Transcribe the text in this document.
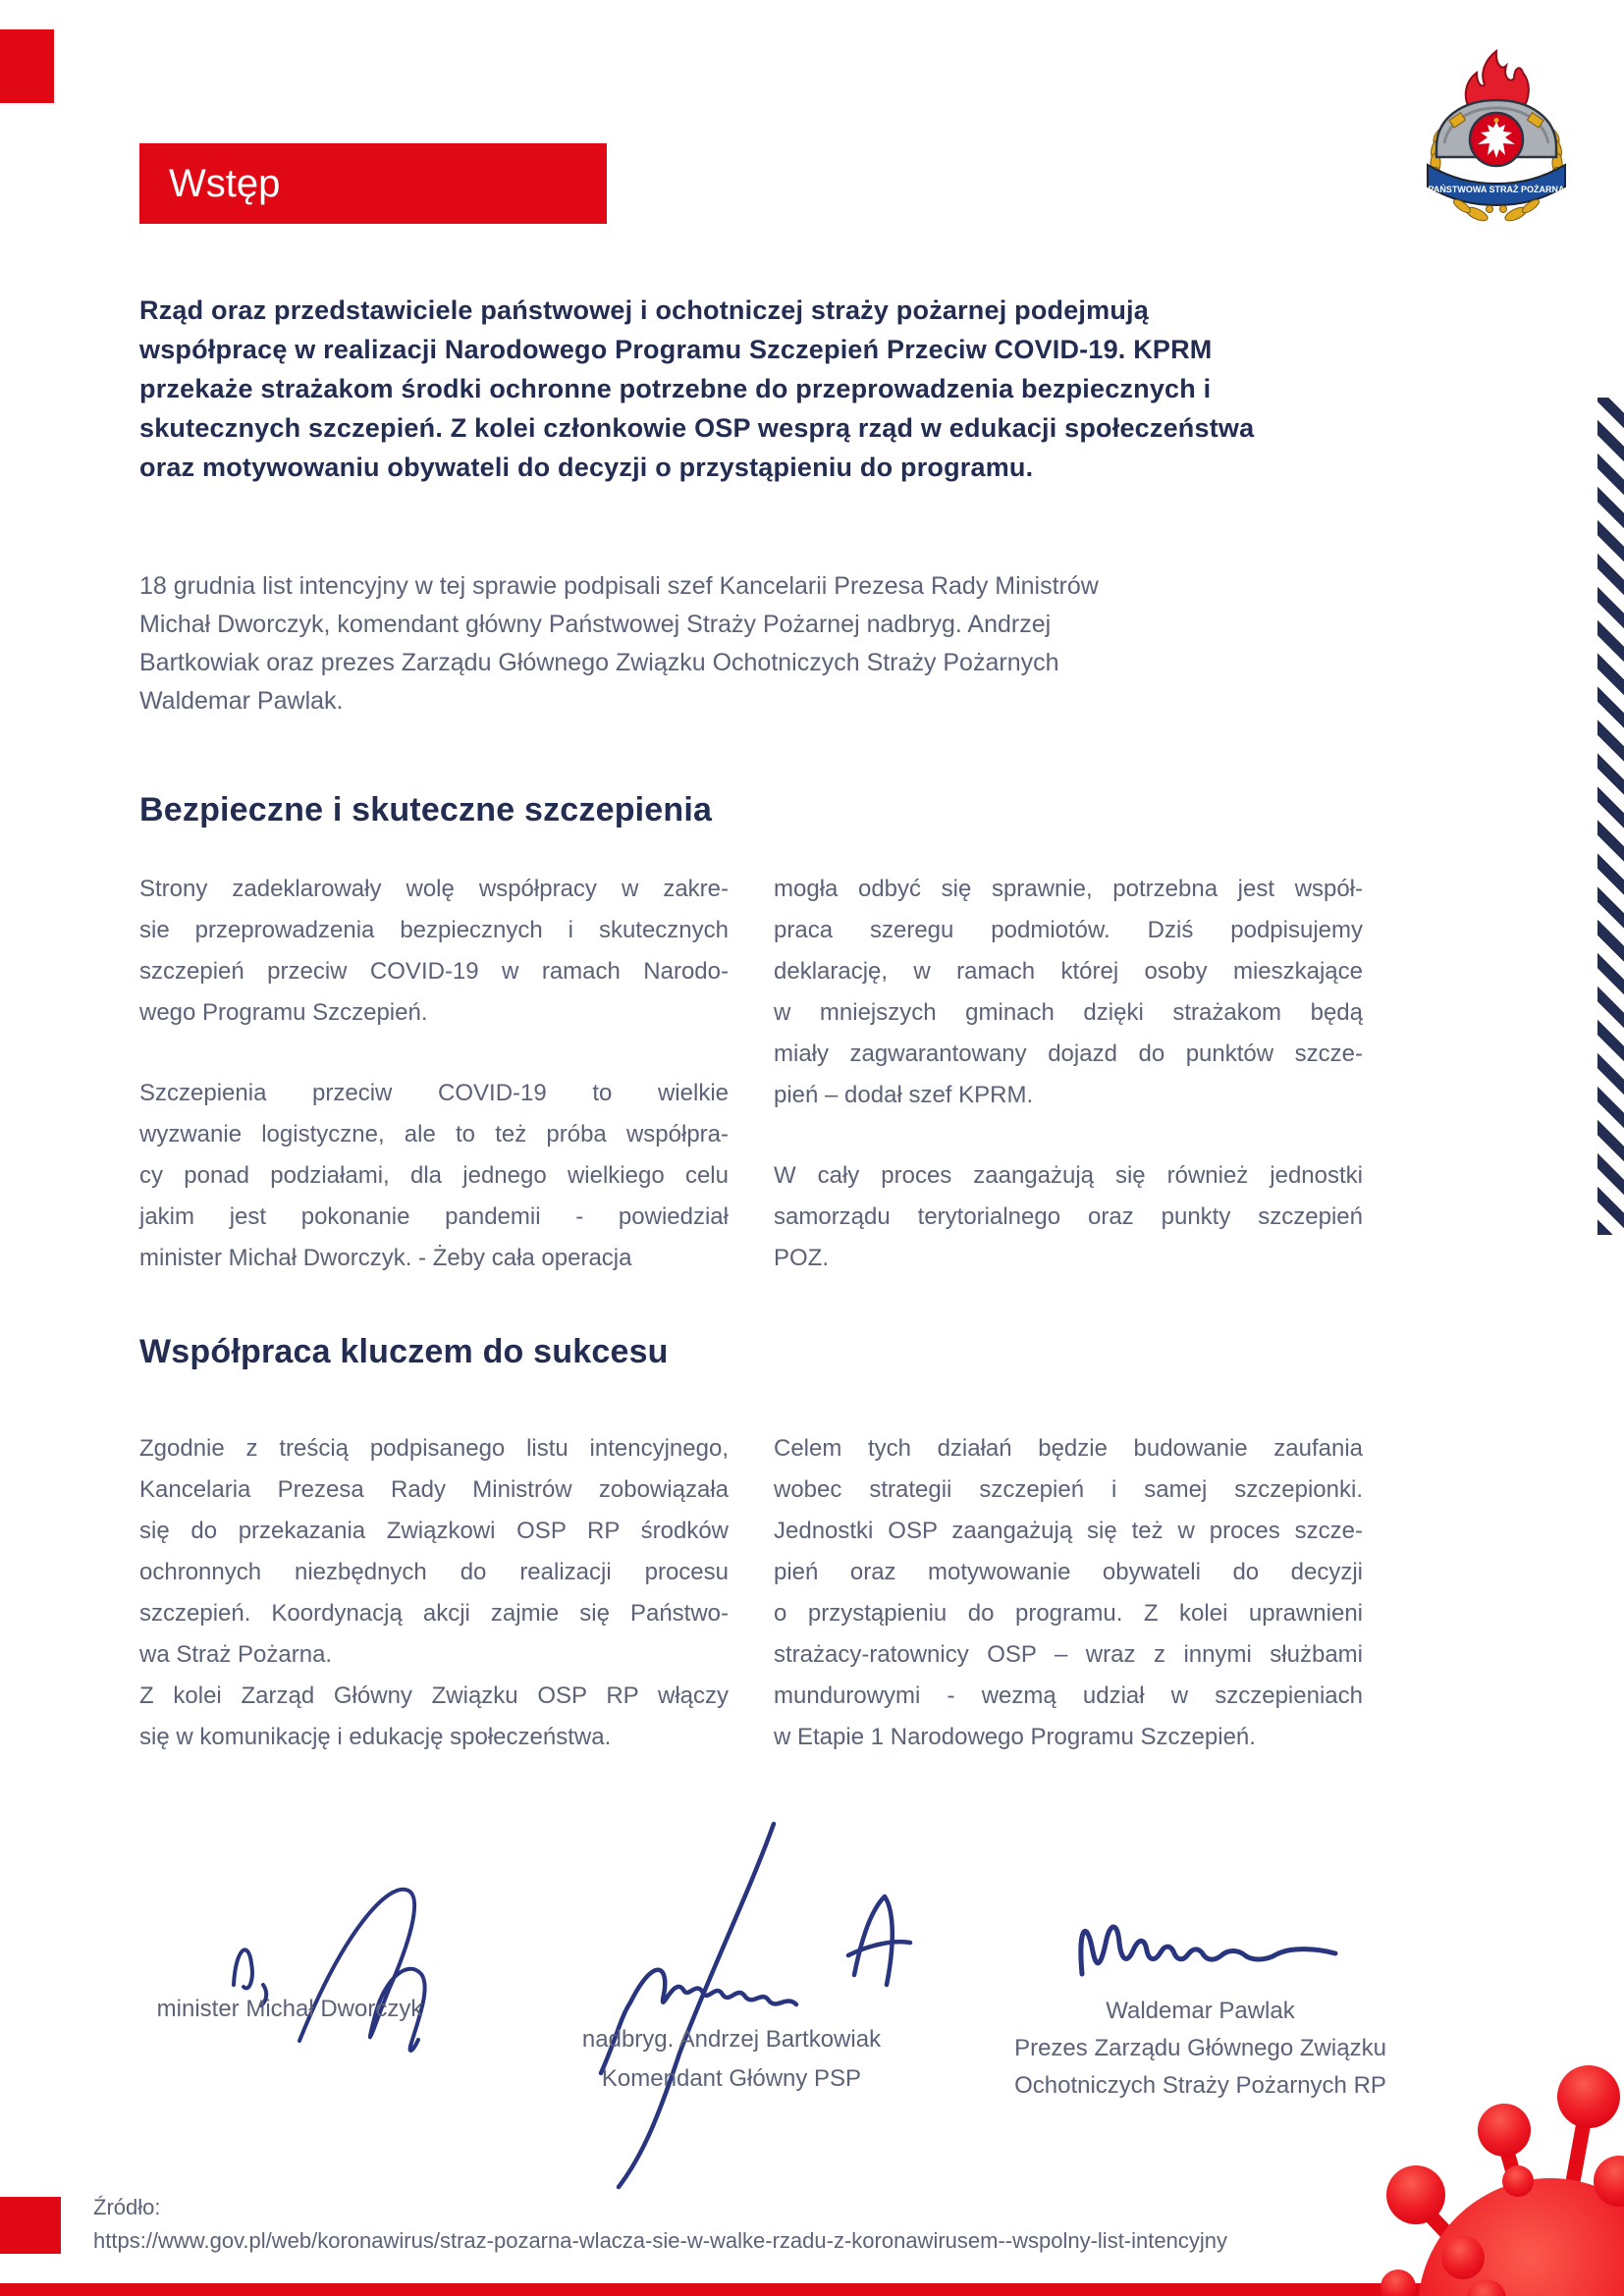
Wstęp	PAŃSTWOWA STRAŻ POŻARNA
Rząd oraz przedstawiciele państwowej i ochotniczej straży pożarnej podejmują
współpracę w realizacji Narodowego Programu Szczepień Przeciw COVID-19. KPRM
przekaże strażakom środki ochronne potrzebne do przeprowadzenia bezpiecznych i
skutecznych szczepień. Z kolei członkowie OSP wesprą rząd w edukacji społeczeństwa
oraz motywowaniu obywateli do decyzji o przystąpieniu do programu.
18 grudnia list intencyjny w tej sprawie podpisali szef Kancelarii Prezesa Rady Ministrów
Michał Dworczyk, komendant główny Państwowej Straży Pożarnej nadbryg. Andrzej
Bartkowiak oraz prezes Zarządu Głównego Związku Ochotniczych Straży Pożarnych
Waldemar Pawlak.
Bezpieczne i skuteczne szczepienia
Strony zadeklarowały wolę współpracy w zakre-
sie przeprowadzenia bezpiecznych i skutecznych
szczepień przeciw COVID-19 w ramach Narodo-
wego Programu Szczepień.
Szczepienia przeciw COVID-19 to wielkie
wyzwanie logistyczne, ale to też próba współpra-
cy ponad podziałami, dla jednego wielkiego celu
jakim jest pokonanie pandemii - powiedział
minister Michał Dworczyk. - Żeby cała operacja
mogła odbyć się sprawnie, potrzebna jest współ-
praca szeregu podmiotów. Dziś podpisujemy
deklarację, w ramach której osoby mieszkające
w mniejszych gminach dzięki strażakom będą
miały zagwarantowany dojazd do punktów szcze-
pień – dodał szef KPRM.
W cały proces zaangażują się również jednostki
samorządu terytorialnego oraz punkty szczepień
POZ.
Współpraca kluczem do sukcesu
Zgodnie z treścią podpisanego listu intencyjnego,
Kancelaria Prezesa Rady Ministrów zobowiązała
się do przekazania Związkowi OSP RP środków
ochronnych niezbędnych do realizacji procesu
szczepień. Koordynacją akcji zajmie się Państwo-
wa Straż Pożarna.
Z kolei Zarząd Główny Związku OSP RP włączy
się w komunikację i edukację społeczeństwa.
Celem tych działań będzie budowanie zaufania
wobec strategii szczepień i samej szczepionki.
Jednostki OSP zaangażują się też w proces szcze-
pień oraz motywowanie obywateli do decyzji
o przystąpieniu do programu. Z kolei uprawnieni
strażacy-ratownicy OSP – wraz z innymi służbami
mundurowymi - wezmą udział w szczepieniach
w Etapie 1 Narodowego Programu Szczepień.
minister Michał Dworczyk
nadbryg. Andrzej Bartkowiak
Komendant Główny PSP
Waldemar Pawlak
Prezes Zarządu Głównego Związku
Ochotniczych Straży Pożarnych RP
Źródło:
https://www.gov.pl/web/koronawirus/straz-pozarna-wlacza-sie-w-walke-rzadu-z-koronawirusem--wspolny-list-intencyjny
